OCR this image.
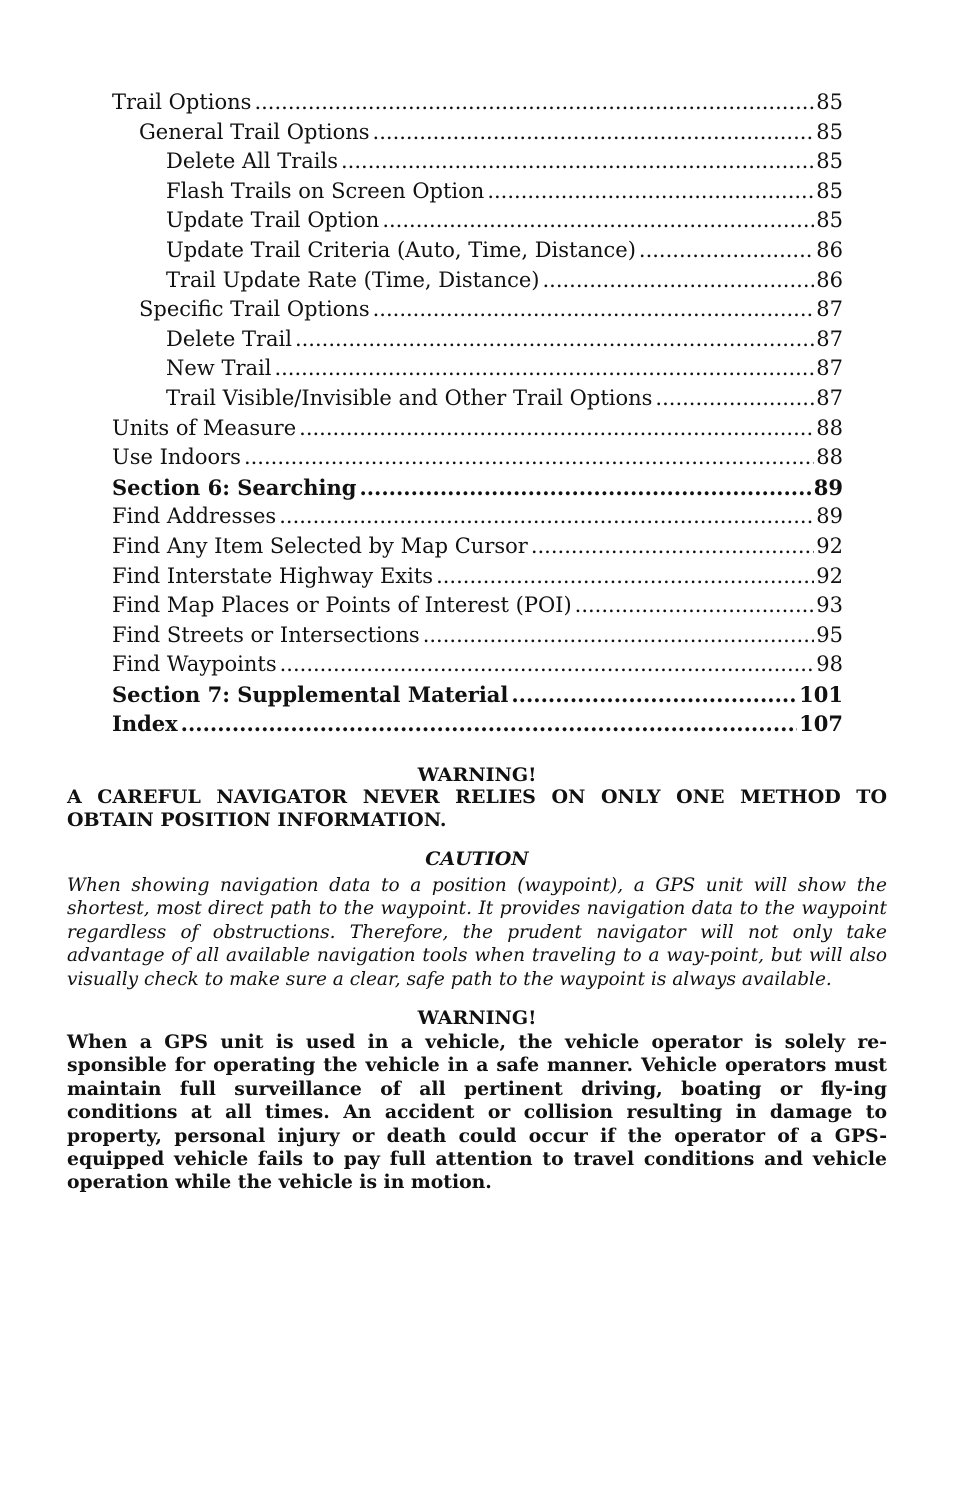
Trail Options .....	85
General Trail Options .....	85
Delete All Trails .....	85
Flash Trails on Screen Option .....	85
Update Trail Option .....	85
Update Trail Criteria (Auto, Time, Distance) .....	86
Trail Update Rate (Time, Distance) .....	86
Specific Trail Options .....	87
Delete Trail .....	87
New Trail .....	87
Trail Visible/Invisible and Other Trail Options .....	87
Units of Measure .....	88
Use Indoors .....	88
Section 6: Searching .....	89
Find Addresses .....	89
Find Any Item Selected by Map Cursor .....	92
Find Interstate Highway Exits .....	92
Find Map Places or Points of Interest (POI) .....	93
Find Streets or Intersections .....	95
Find Waypoints .....	98
Section 7: Supplemental Material .....	101
Index .....	107

WARNING!

A CAREFUL NAVIGATOR NEVER RELIES ON ONLY ONE METHOD TO OBTAIN POSITION INFORMATION.

CAUTION

When showing navigation data to a position (waypoint), a GPS unit will show the shortest, most direct path to the waypoint. It provides navigation data to the waypoint regardless of obstructions. Therefore, the prudent navigator will not only take advantage of all available navigation tools when traveling to a way-point, but will also visually check to make sure a clear, safe path to the waypoint is always available.

WARNING!

When a GPS unit is used in a vehicle, the vehicle operator is solely re-sponsible for operating the vehicle in a safe manner. Vehicle operators must maintain full surveillance of all pertinent driving, boating or fly-ing conditions at all times. An accident or collision resulting in damage to property, personal injury or death could occur if the operator of a GPS-equipped vehicle fails to pay full attention to travel conditions and vehicle operation while the vehicle is in motion.
